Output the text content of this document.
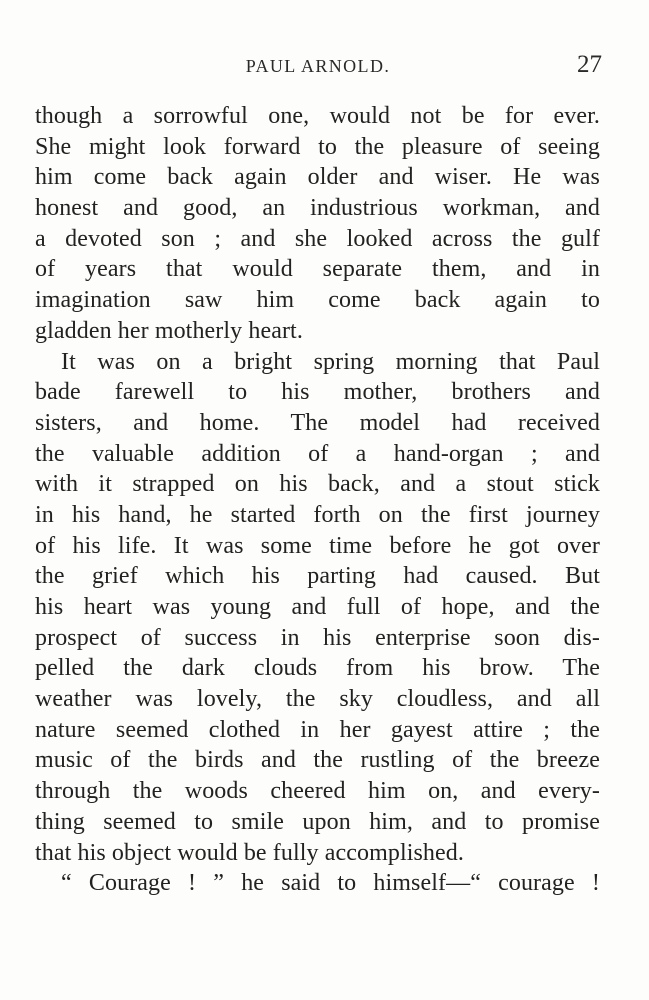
PAUL ARNOLD.	27
though a sorrowful one, would not be for ever.
She might look forward to the pleasure of seeing
him come back again older and wiser. He was
honest and good, an industrious workman, and
a devoted son ; and she looked across the gulf
of years that would separate them, and in
imagination saw him come back again to
gladden her motherly heart.
It was on a bright spring morning that Paul
bade farewell to his mother, brothers and
sisters, and home. The model had received
the valuable addition of a hand-organ ; and
with it strapped on his back, and a stout stick
in his hand, he started forth on the first journey
of his life. It was some time before he got over
the grief which his parting had caused. But
his heart was young and full of hope, and the
prospect of success in his enterprise soon dis-
pelled the dark clouds from his brow. The
weather was lovely, the sky cloudless, and all
nature seemed clothed in her gayest attire ; the
music of the birds and the rustling of the breeze
through the woods cheered him on, and every-
thing seemed to smile upon him, and to promise
that his object would be fully accomplished.
“ Courage ! ” he said to himself—“ courage !
